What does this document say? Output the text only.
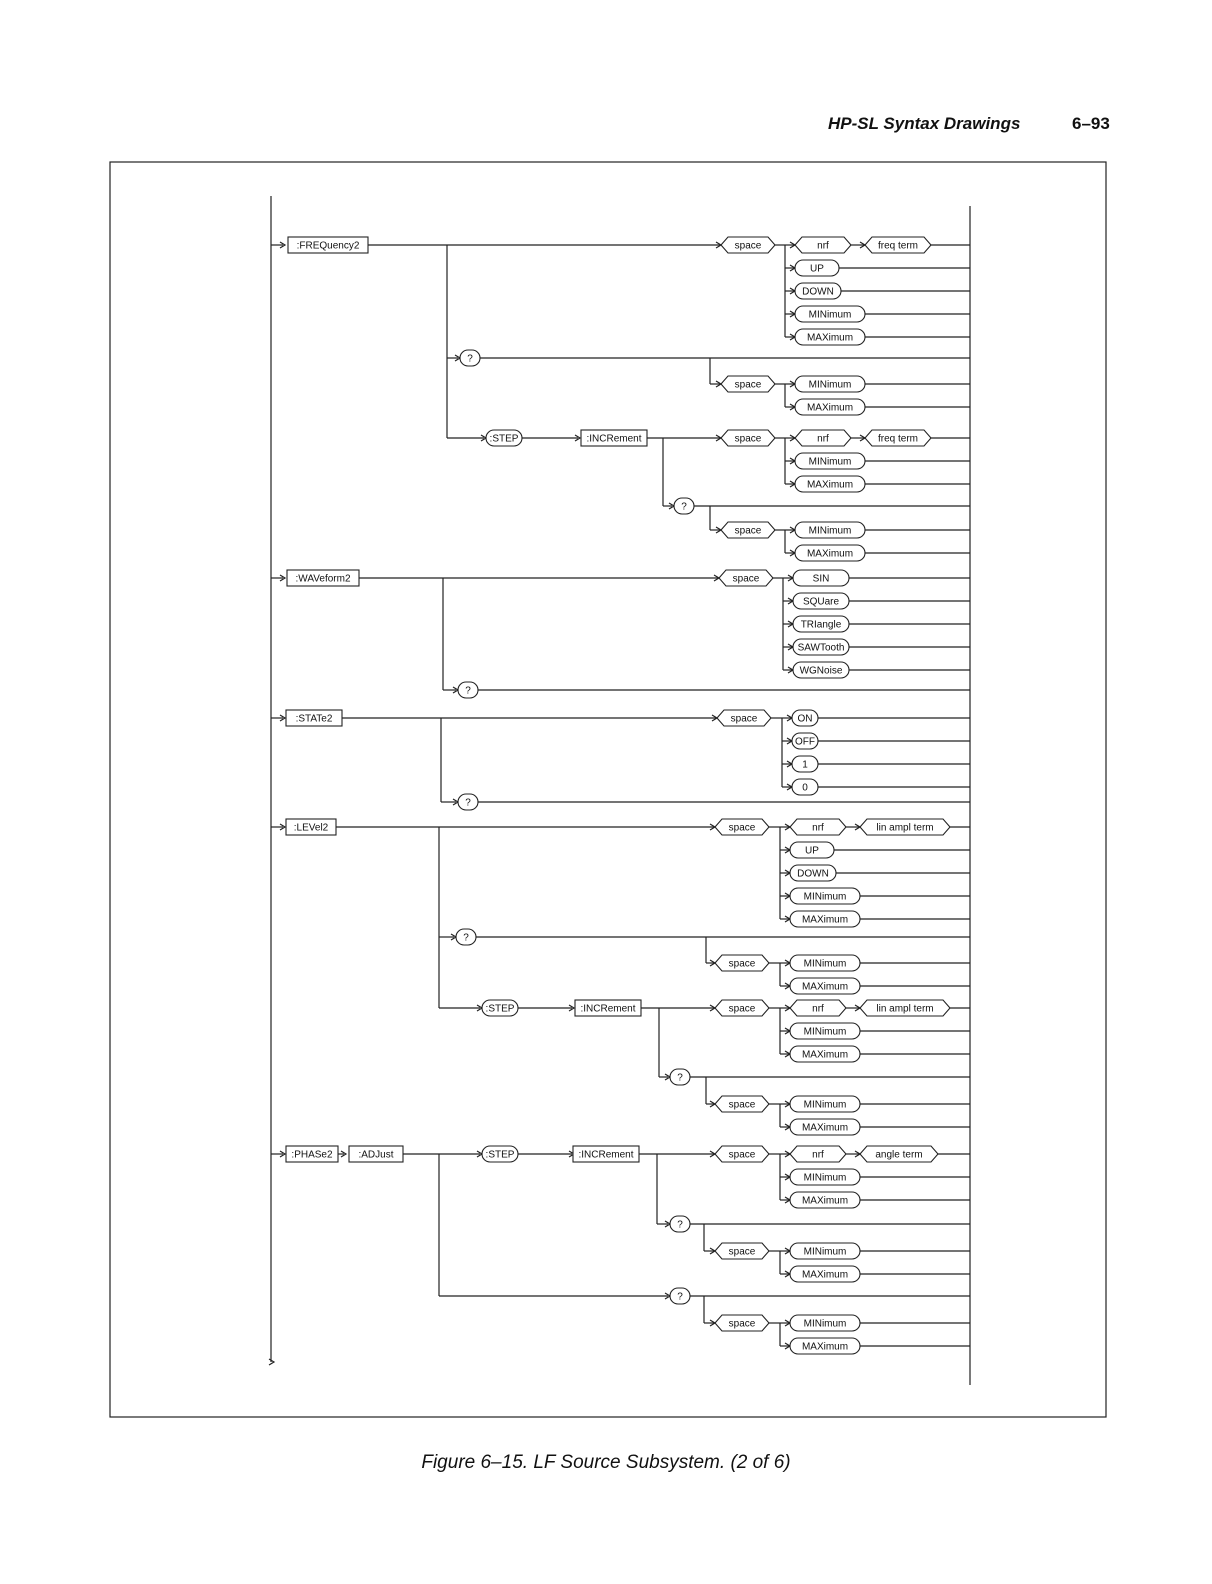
HP-SL Syntax Drawings	6–93
:FREQuency2	space	nrf	freq term
UP
DOWN
MINimum
MAXimum
?
space	MINimum
MAXimum
:STEP	:INCRement	space	nrf	freq term
MINimum
MAXimum
?
space	MINimum
MAXimum
:WAVeform2	space	SIN
SQUare
TRIangle
SAWTooth
WGNoise
?
:STATe2	space	ON
OFF
1
0
?
:LEVel2	space	nrf	lin ampl term
UP
DOWN
MINimum
MAXimum
?
space	MINimum
MAXimum
:STEP	:INCRement	space	nrf	lin ampl term
MINimum
MAXimum
?
space	MINimum
MAXimum
:PHASe2	:ADJust	:STEP	:INCRement	space	nrf	angle term
MINimum
MAXimum
?
space	MINimum
MAXimum
?
space	MINimum
MAXimum
Figure 6–15. LF Source Subsystem. (2 of 6)
